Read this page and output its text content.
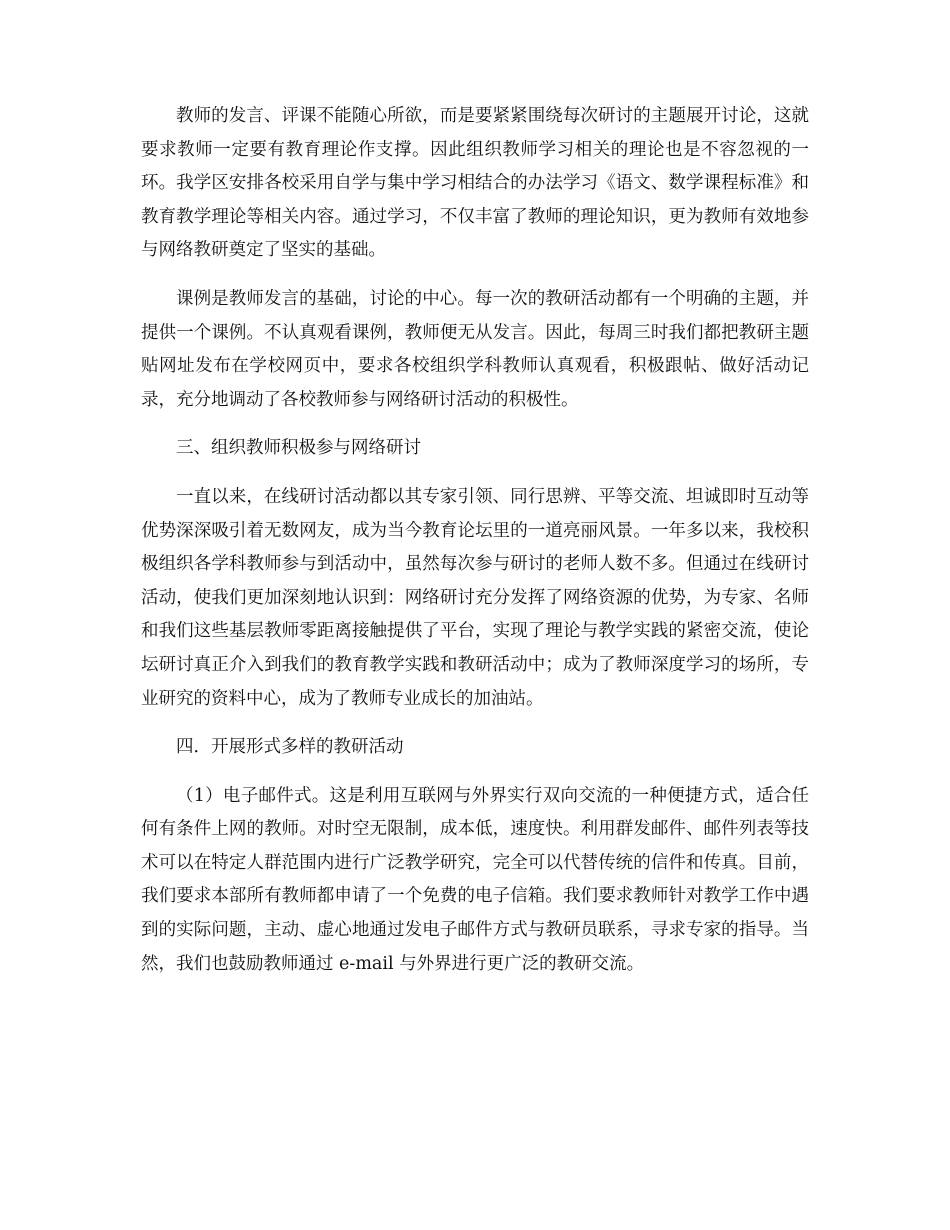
教师的发言、评课不能随心所欲，而是要紧紧围绕每次研讨的主题展开讨论，这就要求教师一定要有教育理论作支撑。因此组织教师学习相关的理论也是不容忽视的一环。我学区安排各校采用自学与集中学习相结合的办法学习《语文、数学课程标准》和教育教学理论等相关内容。通过学习，不仅丰富了教师的理论知识，更为教师有效地参与网络教研奠定了坚实的基础。

课例是教师发言的基础，讨论的中心。每一次的教研活动都有一个明确的主题，并提供一个课例。不认真观看课例，教师便无从发言。因此，每周三时我们都把教研主题贴网址发布在学校网页中，要求各校组织学科教师认真观看，积极跟帖、做好活动记录，充分地调动了各校教师参与网络研讨活动的积极性。

三、组织教师积极参与网络研讨

一直以来，在线研讨活动都以其专家引领、同行思辨、平等交流、坦诚即时互动等优势深深吸引着无数网友，成为当今教育论坛里的一道亮丽风景。一年多以来，我校积极组织各学科教师参与到活动中，虽然每次参与研讨的老师人数不多。但通过在线研讨活动，使我们更加深刻地认识到：网络研讨充分发挥了网络资源的优势，为专家、名师和我们这些基层教师零距离接触提供了平台，实现了理论与教学实践的紧密交流，使论坛研讨真正介入到我们的教育教学实践和教研活动中；成为了教师深度学习的场所，专业研究的资料中心，成为了教师专业成长的加油站。

四．开展形式多样的教研活动

（1）电子邮件式。这是利用互联网与外界实行双向交流的一种便捷方式，适合任何有条件上网的教师。对时空无限制，成本低，速度快。利用群发邮件、邮件列表等技术可以在特定人群范围内进行广泛教学研究，完全可以代替传统的信件和传真。目前，我们要求本部所有教师都申请了一个免费的电子信箱。我们要求教师针对教学工作中遇到的实际问题，主动、虚心地通过发电子邮件方式与教研员联系，寻求专家的指导。当然，我们也鼓励教师通过 e-mail 与外界进行更广泛的教研交流。
